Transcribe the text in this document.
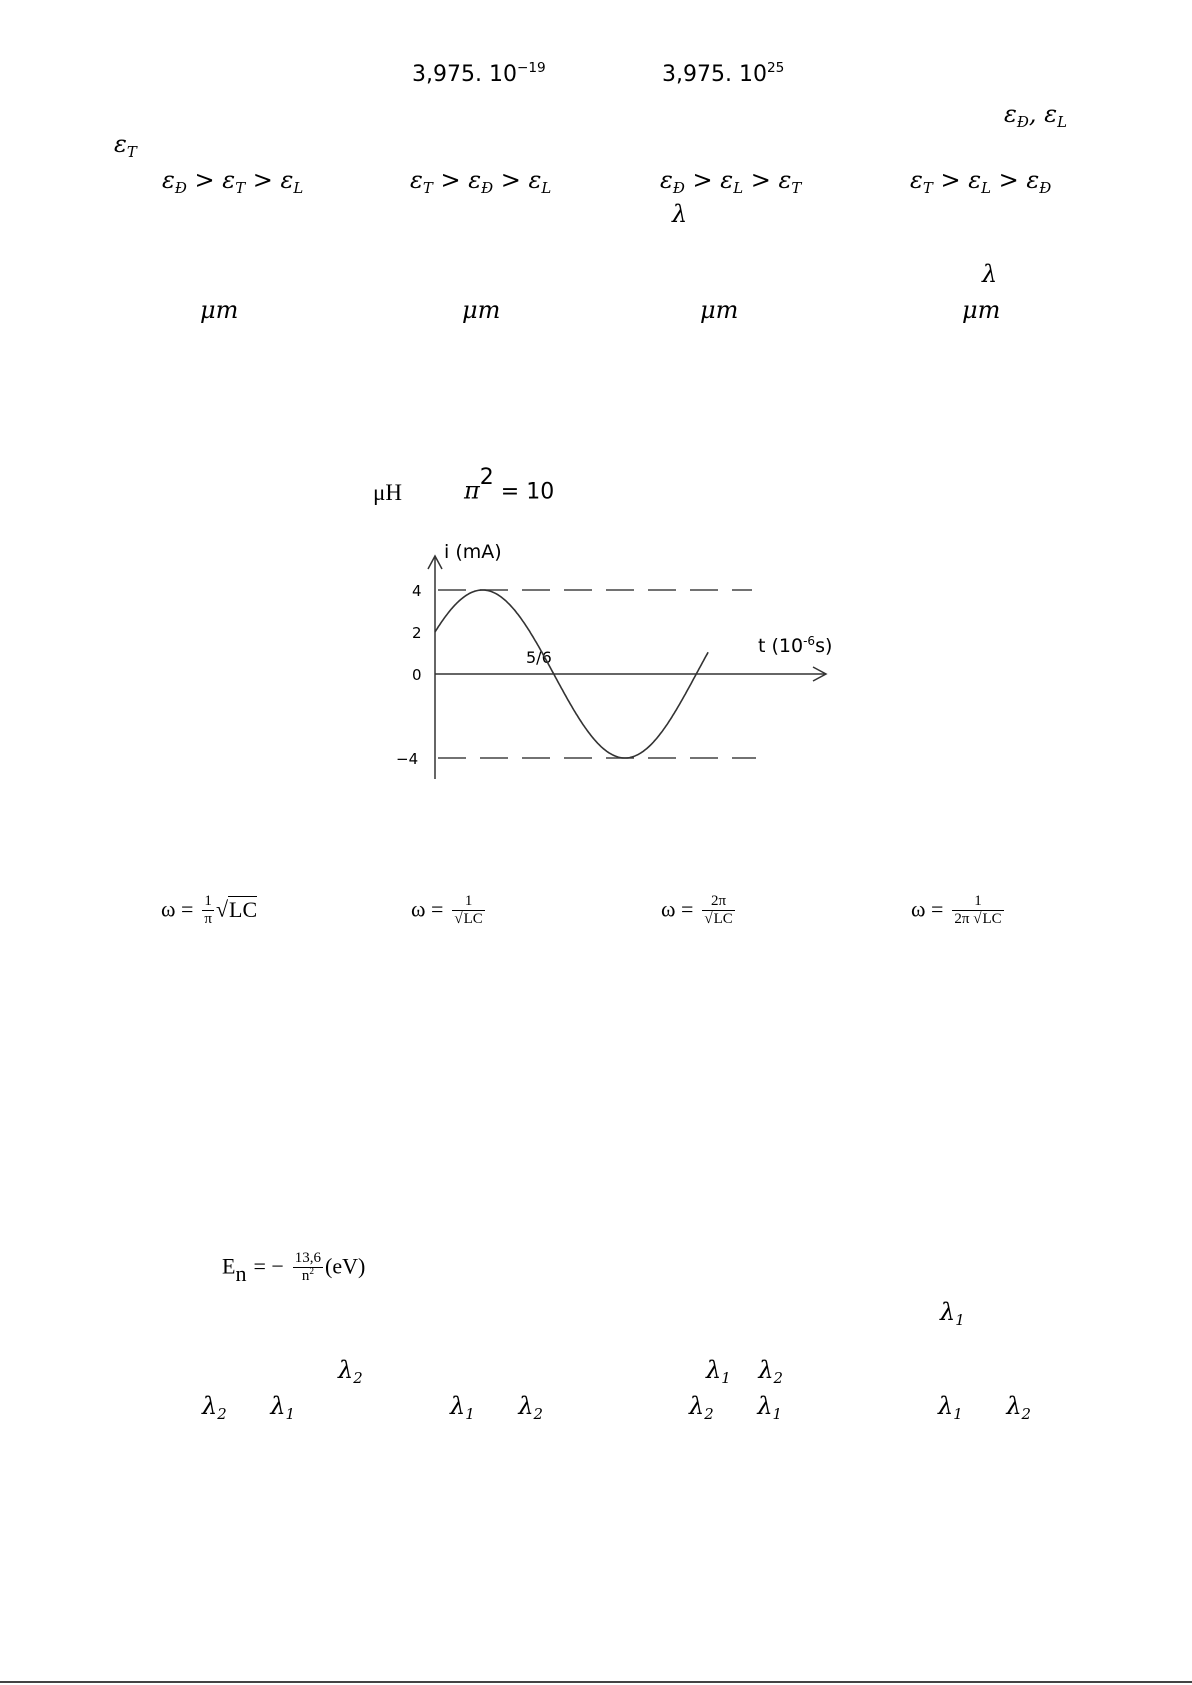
3,975. $10^{-19}$	3,975. $10^{25}$
$\varepsilon_Đ$, $\varepsilon_L$
$\varepsilon_T$
$\varepsilon_Đ > \varepsilon_T > \varepsilon_L$	$\varepsilon_T > \varepsilon_Đ > \varepsilon_L$	$\varepsilon_Đ > \varepsilon_L > \varepsilon_T$	$\varepsilon_T > \varepsilon_L > \varepsilon_Đ$
λ
λ
μm	μm	μm	μm
μH	$\pi^2 = 10$
i (mA)
t $(10^{-6}s)$
4
2
0
−4
5/6
$\omega = \frac{1}{\pi} √LC$	$\omega = \frac{1}{√LC}$	$\omega = \frac{2\pi}{√LC}$	$\omega = \frac{1}{2\pi √LC}$
$E_n$ = − $\frac{13,6}{n^2} (eV)$
$\lambda_1$
$\lambda_2$	$\lambda_1$ $\lambda_2$
$\lambda_2$ $\lambda_1$	$\lambda_1$ $\lambda_2$	$\lambda_2$ $\lambda_1$	$\lambda_1$ $\lambda_2$
